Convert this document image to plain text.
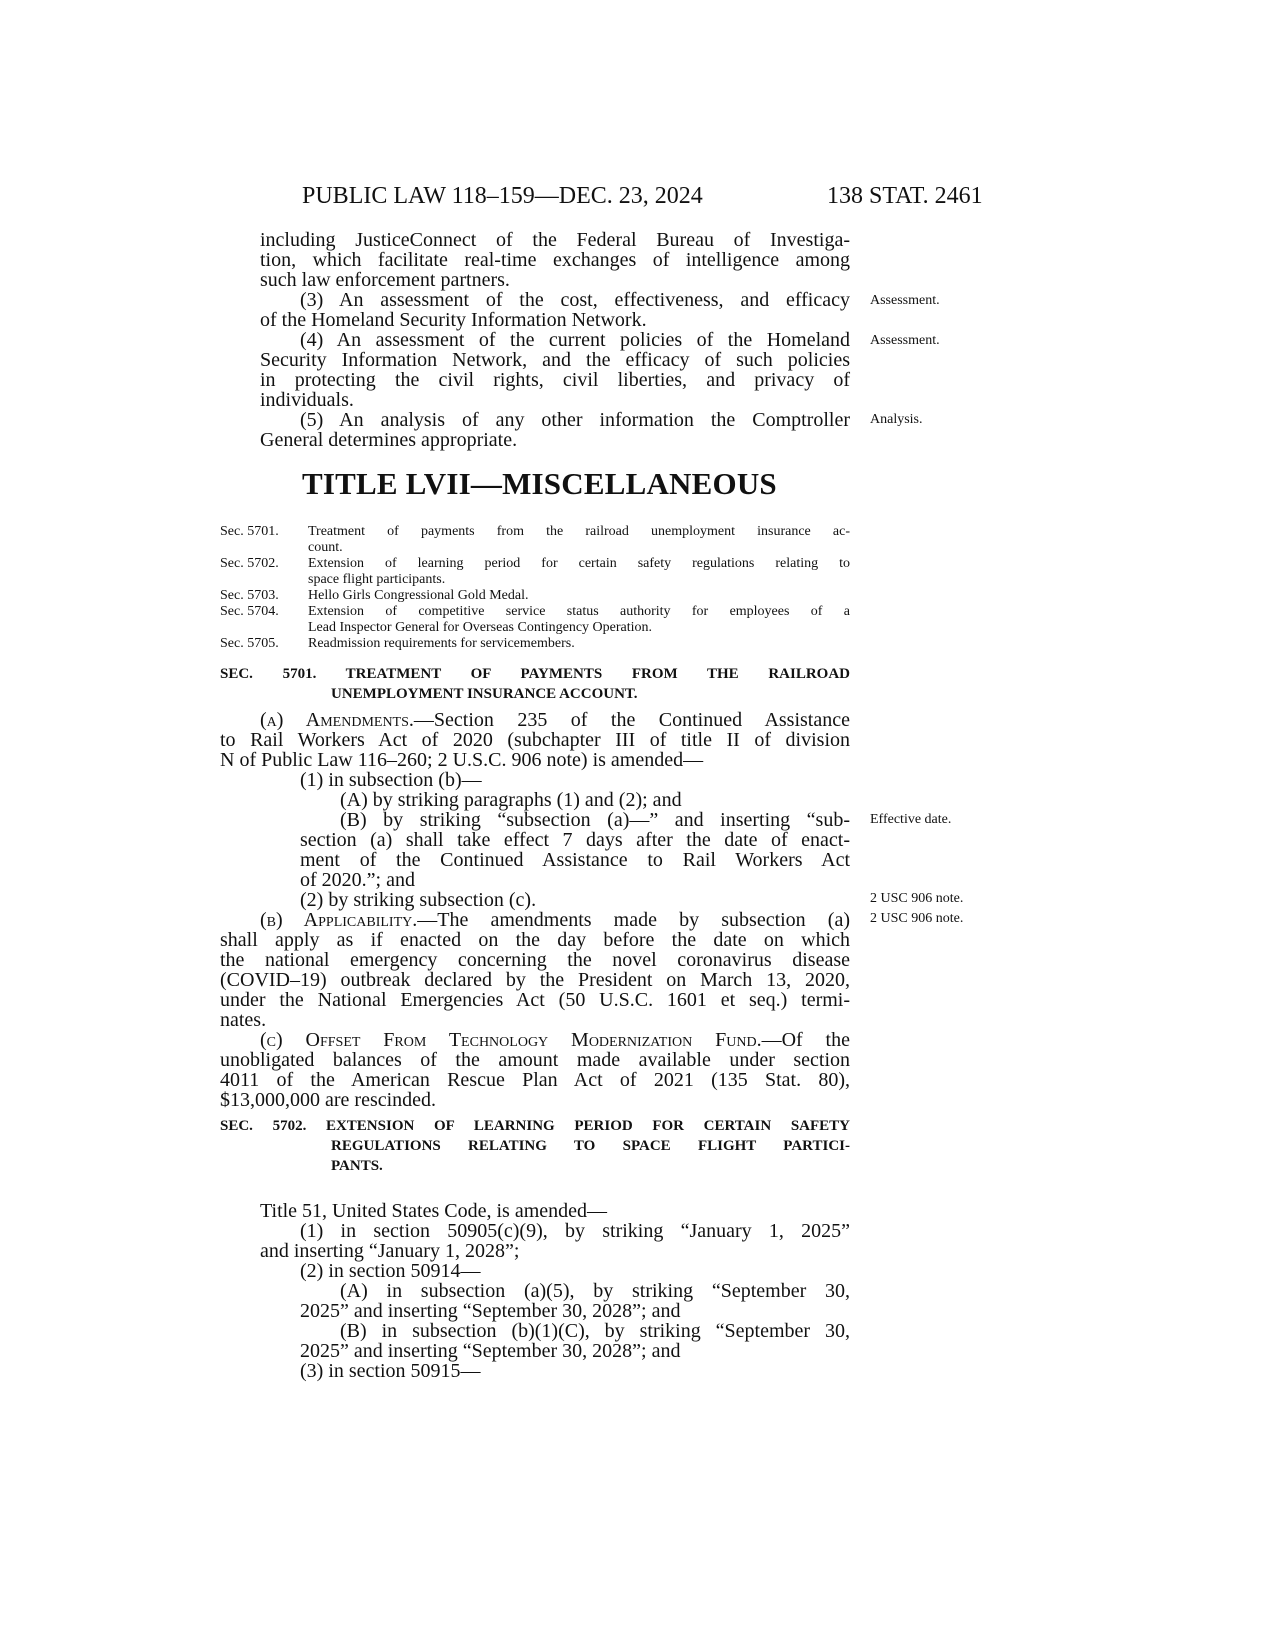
PUBLIC LAW 118–159—DEC. 23, 2024	138 STAT. 2461
including JusticeConnect of the Federal Bureau of Investiga-
tion, which facilitate real-time exchanges of intelligence among
such law enforcement partners.
(3) An assessment of the cost, effectiveness, and efficacy
of the Homeland Security Information Network.
(4) An assessment of the current policies of the Homeland
Security Information Network, and the efficacy of such policies
in protecting the civil rights, civil liberties, and privacy of
individuals.
(5) An analysis of any other information the Comptroller
General determines appropriate.
Assessment.
Assessment.
Analysis.
Effective date.
2 USC 906 note.
2 USC 906 note.
TITLE LVII—MISCELLANEOUS
Sec. 5701.	Treatment of payments from the railroad unemployment insurance ac-
count.
Sec. 5702.	Extension of learning period for certain safety regulations relating to
space flight participants.
Sec. 5703.	Hello Girls Congressional Gold Medal.
Sec. 5704.	Extension of competitive service status authority for employees of a
Lead Inspector General for Overseas Contingency Operation.
Sec. 5705.	Readmission requirements for servicemembers.
SEC. 5701. TREATMENT OF PAYMENTS FROM THE RAILROAD
UNEMPLOYMENT INSURANCE ACCOUNT.
(a) Amendments.—Section 235 of the Continued Assistance
to Rail Workers Act of 2020 (subchapter III of title II of division
N of Public Law 116–260; 2 U.S.C. 906 note) is amended—
(1) in subsection (b)—
(A) by striking paragraphs (1) and (2); and
(B) by striking “subsection (a)—” and inserting “sub-
section (a) shall take effect 7 days after the date of enact-
ment of the Continued Assistance to Rail Workers Act
of 2020.”; and
(2) by striking subsection (c).
(b) Applicability.—The amendments made by subsection (a)
shall apply as if enacted on the day before the date on which
the national emergency concerning the novel coronavirus disease
(COVID–19) outbreak declared by the President on March 13, 2020,
under the National Emergencies Act (50 U.S.C. 1601 et seq.) termi-
nates.
(c) Offset From Technology Modernization Fund.—Of the
unobligated balances of the amount made available under section
4011 of the American Rescue Plan Act of 2021 (135 Stat. 80),
$13,000,000 are rescinded.
SEC. 5702. EXTENSION OF LEARNING PERIOD FOR CERTAIN SAFETY
REGULATIONS RELATING TO SPACE FLIGHT PARTICI-
PANTS.
Title 51, United States Code, is amended—
(1) in section 50905(c)(9), by striking “January 1, 2025”
and inserting “January 1, 2028”;
(2) in section 50914—
(A) in subsection (a)(5), by striking “September 30,
2025” and inserting “September 30, 2028”; and
(B) in subsection (b)(1)(C), by striking “September 30,
2025” and inserting “September 30, 2028”; and
(3) in section 50915—
